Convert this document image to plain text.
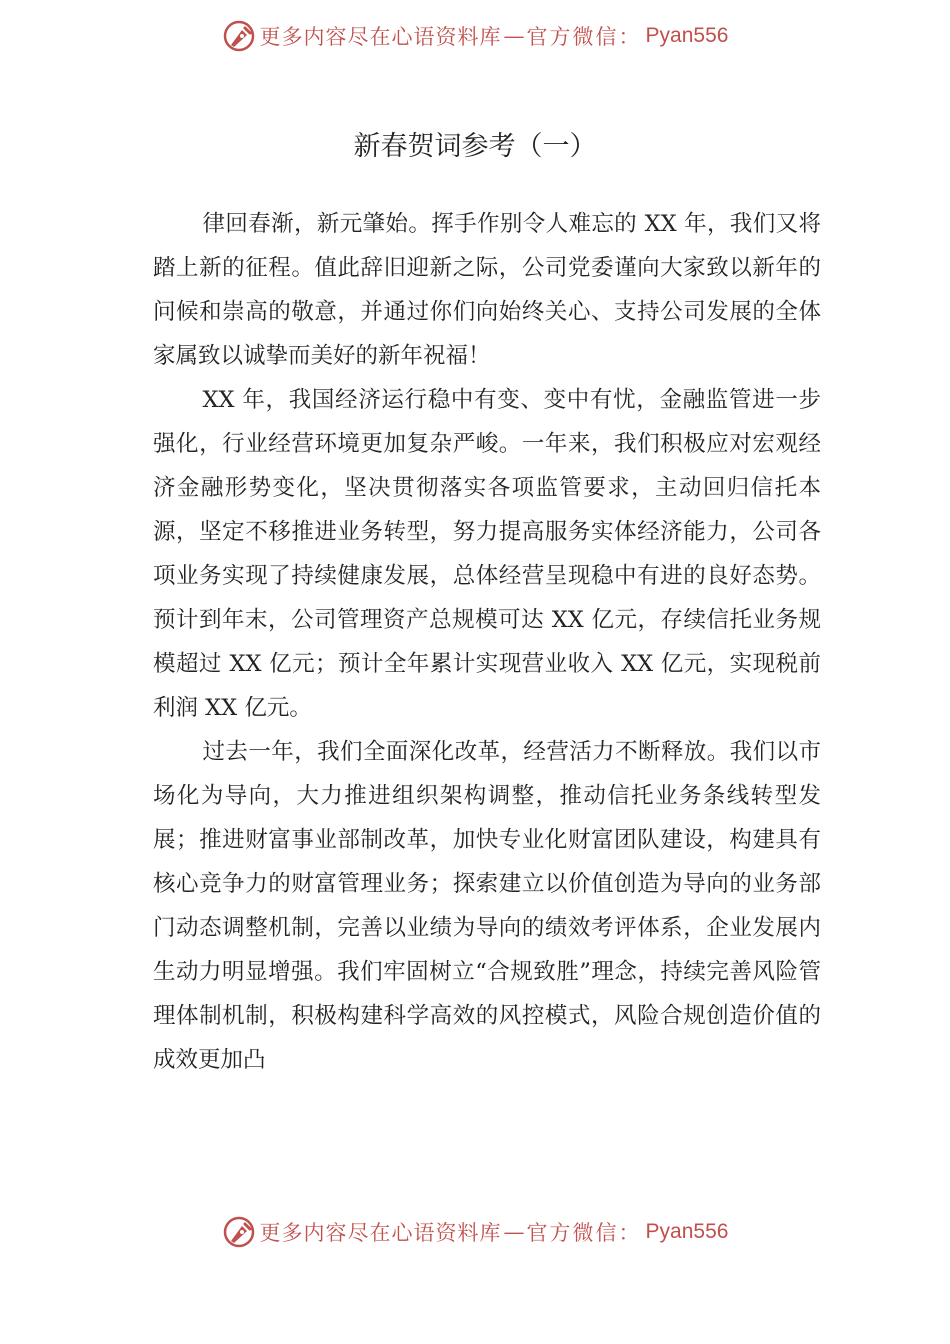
更多内容尽在心语资料库 — 官方微信： Pyan556
新春贺词参考（一）

律回春渐，新元肇始。挥手作别令人难忘的 XX 年，我们又将踏上新的征程。值此辞旧迎新之际，公司党委谨向大家致以新年的问候和崇高的敬意，并通过你们向始终关心、支持公司发展的全体家属致以诚挚而美好的新年祝福！

XX 年，我国经济运行稳中有变、变中有忧，金融监管进一步强化，行业经营环境更加复杂严峻。一年来，我们积极应对宏观经济金融形势变化，坚决贯彻落实各项监管要求，主动回归信托本源，坚定不移推进业务转型，努力提高服务实体经济能力，公司各项业务实现了持续健康发展，总体经营呈现稳中有进的良好态势。预计到年末，公司管理资产总规模可达 XX 亿元，存续信托业务规模超过 XX 亿元；预计全年累计实现营业收入 XX 亿元，实现税前利润 XX 亿元。

过去一年，我们全面深化改革，经营活力不断释放。我们以市场化为导向，大力推进组织架构调整，推动信托业务条线转型发展；推进财富事业部制改革，加快专业化财富团队建设，构建具有核心竞争力的财富管理业务；探索建立以价值创造为导向的业务部门动态调整机制，完善以业绩为导向的绩效考评体系，企业发展内生动力明显增强。我们牢固树立“合规致胜”理念，持续完善风险管理体制机制，积极构建科学高效的风控模式，风险合规创造价值的成效更加凸

更多内容尽在心语资料库 — 官方微信： Pyan556
